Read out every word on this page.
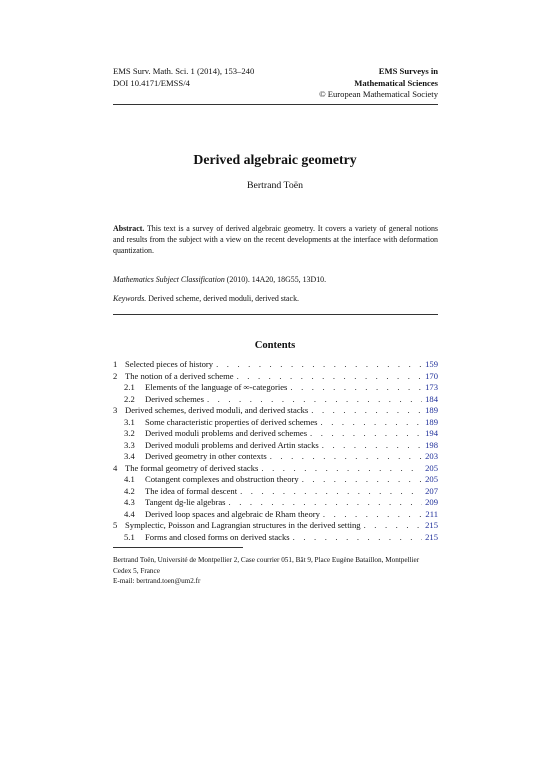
EMS Surv. Math. Sci. 1 (2014), 153–240	EMS Surveys in
DOI 10.4171/EMSS/4	Mathematical Sciences
© European Mathematical Society
Derived algebraic geometry
Bertrand Toën
Abstract. This text is a survey of derived algebraic geometry. It covers a variety of general notions and results from the subject with a view on the recent developments at the interface with deformation quantization.
Mathematics Subject Classification (2010). 14A20, 18G55, 13D10.
Keywords. Derived scheme, derived moduli, derived stack.
Contents
1 Selected pieces of history . . .	159
2 The notion of a derived scheme . . .	170
2.1	Elements of the language of ∞-categories . . .	173
2.2	Derived schemes . . .	184
3 Derived schemes, derived moduli, and derived stacks . . .	189
3.1	Some characteristic properties of derived schemes . . .	189
3.2	Derived moduli problems and derived schemes . . .	194
3.3	Derived moduli problems and derived Artin stacks . . .	198
3.4	Derived geometry in other contexts . . .	203
4 The formal geometry of derived stacks . . .	205
4.1	Cotangent complexes and obstruction theory . . .	205
4.2	The idea of formal descent . . .	207
4.3	Tangent dg-lie algebras . . .	209
4.4	Derived loop spaces and algebraic de Rham theory . . .	211
5 Symplectic, Poisson and Lagrangian structures in the derived setting . . .	215
5.1	Forms and closed forms on derived stacks . . .	215
Bertrand Toën, Université de Montpellier 2, Case courrier 051, Bât 9, Place Eugène Bataillon, Montpellier Cedex 5, France
E-mail: bertrand.toen@um2.fr
